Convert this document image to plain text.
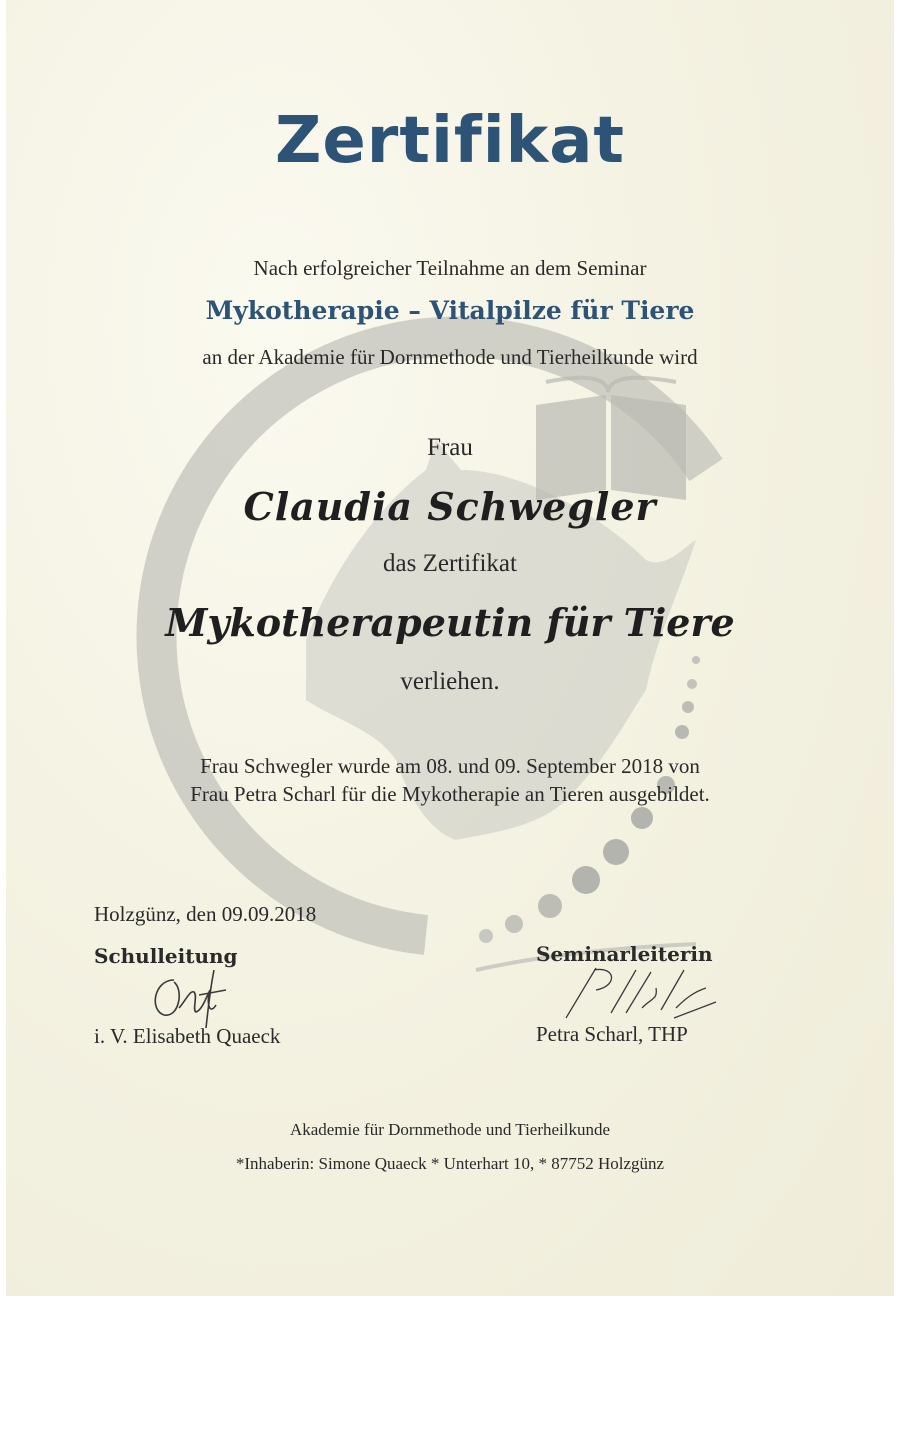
Zertifikat
Nach erfolgreicher Teilnahme an dem Seminar
Mykotherapie – Vitalpilze für Tiere
an der Akademie für Dornmethode und Tierheilkunde wird
Frau
Claudia Schwegler
das Zertifikat
Mykotherapeutin für Tiere
verliehen.
Frau Schwegler wurde am 08. und 09. September 2018 von
Frau Petra Scharl für die Mykotherapie an Tieren ausgebildet.
Holzgünz, den 09.09.2018
Schulleitung
i. V. Elisabeth Quaeck
Seminarleiterin
Petra Scharl, THP
Akademie für Dornmethode und Tierheilkunde
*Inhaberin: Simone Quaeck * Unterhart 10, * 87752 Holzgünz
